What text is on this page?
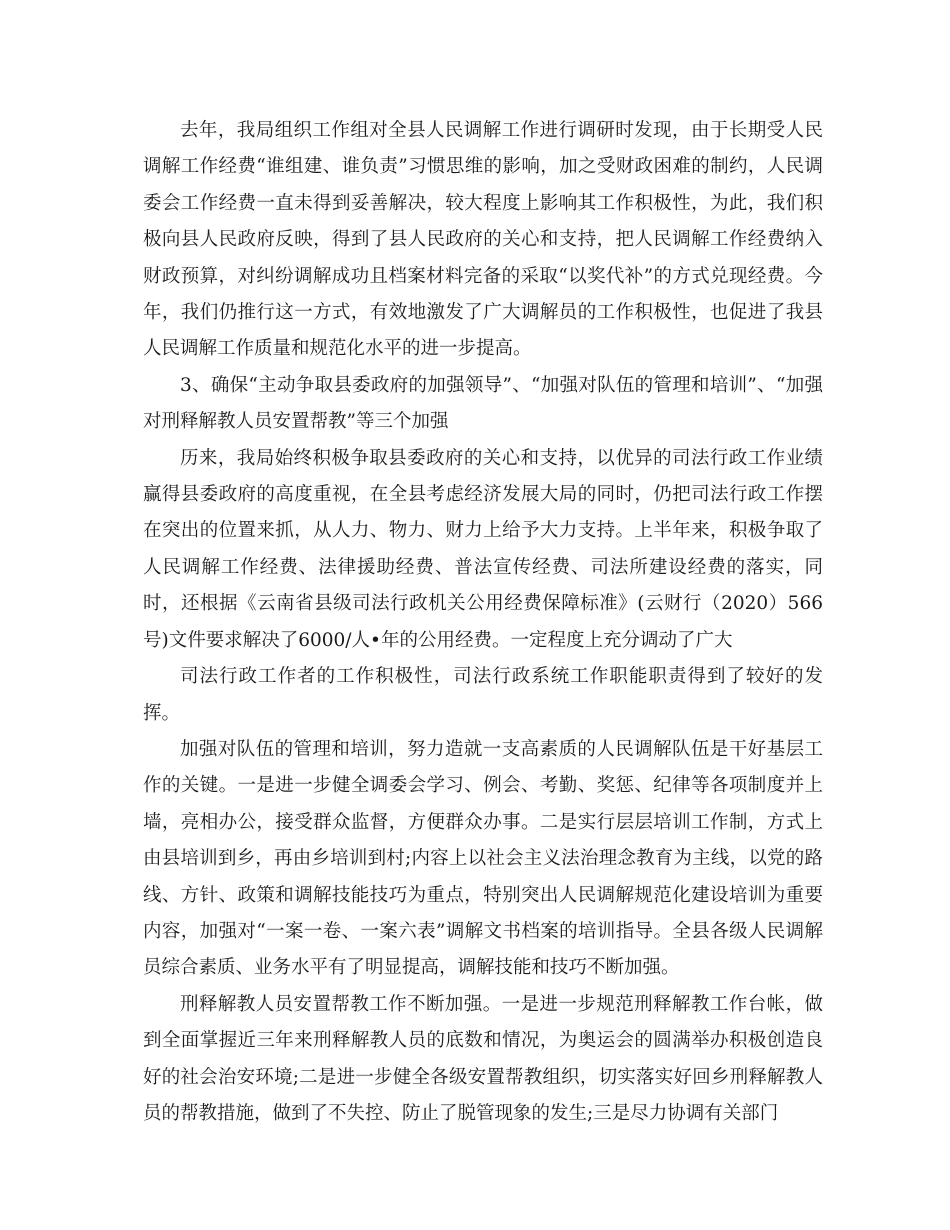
去年，我局组织工作组对全县人民调解工作进行调研时发现，由于长期受人民调解工作经费“谁组建、谁负责”习惯思维的影响，加之受财政困难的制约，人民调委会工作经费一直未得到妥善解决，较大程度上影响其工作积极性，为此，我们积极向县人民政府反映，得到了县人民政府的关心和支持，把人民调解工作经费纳入财政预算，对纠纷调解成功且档案材料完备的采取“以奖代补”的方式兑现经费。今年，我们仍推行这一方式，有效地激发了广大调解员的工作积极性，也促进了我县人民调解工作质量和规范化水平的进一步提高。

3、确保“主动争取县委政府的加强领导”、“加强对队伍的管理和培训”、“加强对刑释解教人员安置帮教”等三个加强

历来，我局始终积极争取县委政府的关心和支持，以优异的司法行政工作业绩赢得县委政府的高度重视，在全县考虑经济发展大局的同时，仍把司法行政工作摆在突出的位置来抓，从人力、物力、财力上给予大力支持。上半年来，积极争取了人民调解工作经费、法律援助经费、普法宣传经费、司法所建设经费的落实，同时，还根据《云南省县级司法行政机关公用经费保障标准》(云财行（2020）566号)文件要求解决了6000/人•年的公用经费。一定程度上充分调动了广大

司法行政工作者的工作积极性，司法行政系统工作职能职责得到了较好的发挥。

加强对队伍的管理和培训，努力造就一支高素质的人民调解队伍是干好基层工作的关键。一是进一步健全调委会学习、例会、考勤、奖惩、纪律等各项制度并上墙，亮相办公，接受群众监督，方便群众办事。二是实行层层培训工作制，方式上由县培训到乡，再由乡培训到村;内容上以社会主义法治理念教育为主线，以党的路线、方针、政策和调解技能技巧为重点，特别突出人民调解规范化建设培训为重要内容，加强对“一案一卷、一案六表”调解文书档案的培训指导。全县各级人民调解员综合素质、业务水平有了明显提高，调解技能和技巧不断加强。

刑释解教人员安置帮教工作不断加强。一是进一步规范刑释解教工作台帐，做到全面掌握近三年来刑释解教人员的底数和情况，为奥运会的圆满举办积极创造良好的社会治安环境;二是进一步健全各级安置帮教组织，切实落实好回乡刑释解教人员的帮教措施，做到了不失控、防止了脱管现象的发生;三是尽力协调有关部门
